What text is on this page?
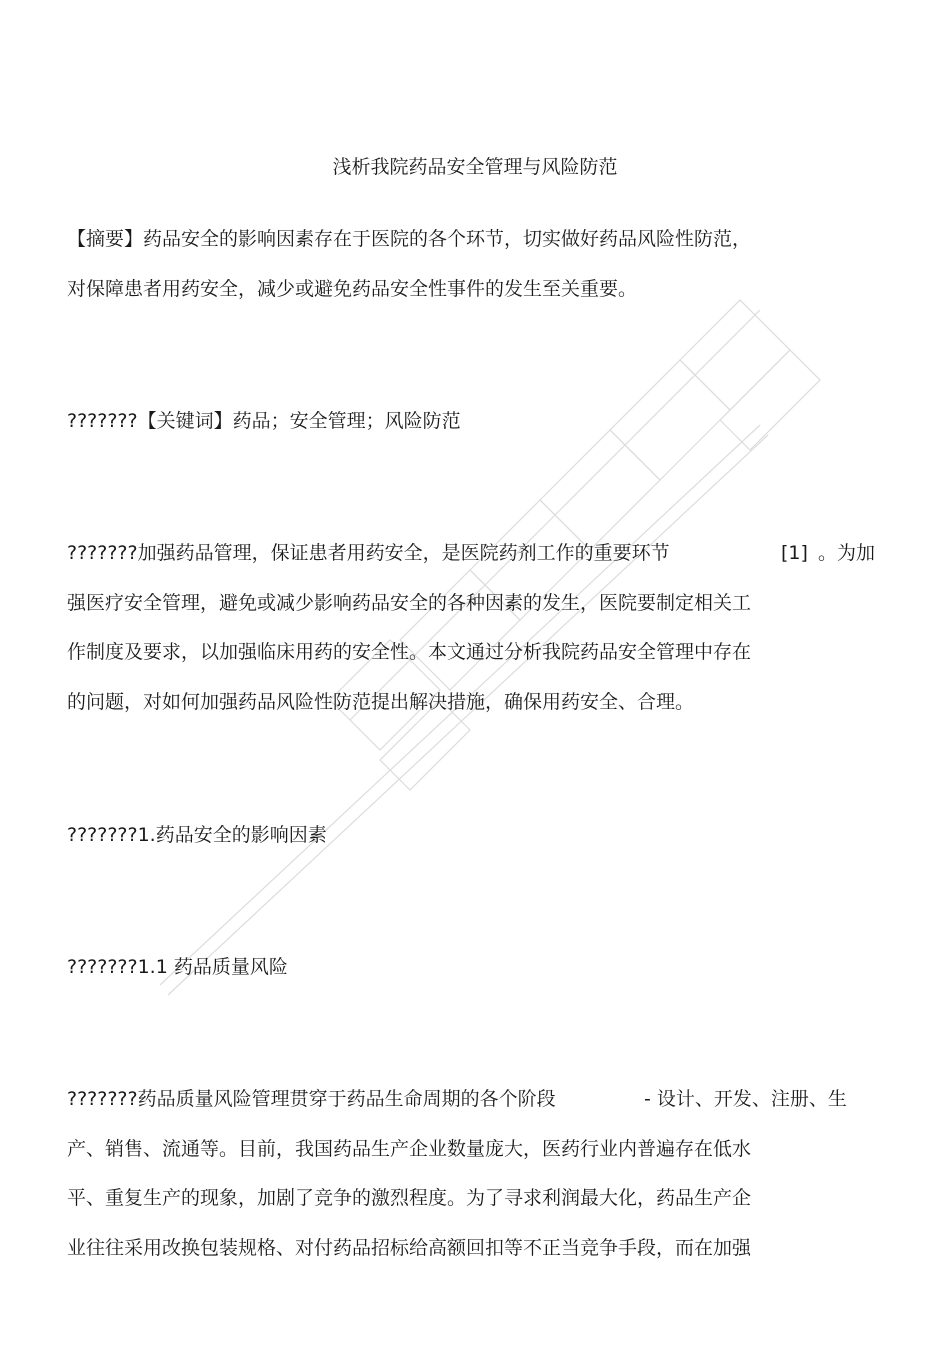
浅析我院药品安全管理与风险防范
【摘要】药品安全的影响因素存在于医院的各个环节，切实做好药品风险性防范，
对保障患者用药安全，减少或避免药品安全性事件的发生至关重要。
???????【关键词】药品；安全管理；风险防范
???????加强药品管理，保证患者用药安全，是医院药剂工作的重要环节	[1] 。为加
强医疗安全管理，避免或减少影响药品安全的各种因素的发生，医院要制定相关工
作制度及要求，以加强临床用药的安全性。本文通过分析我院药品安全管理中存在
的问题，对如何加强药品风险性防范提出解决措施，确保用药安全、合理。
???????1.药品安全的影响因素
???????1.1 药品质量风险
???????药品质量风险管理贯穿于药品生命周期的各个阶段	- 设计、开发、注册、生
产、销售、流通等。目前，我国药品生产企业数量庞大，医药行业内普遍存在低水
平、重复生产的现象，加剧了竞争的激烈程度。为了寻求利润最大化，药品生产企
业往往采用改换包装规格、对付药品招标给高额回扣等不正当竞争手段，而在加强
